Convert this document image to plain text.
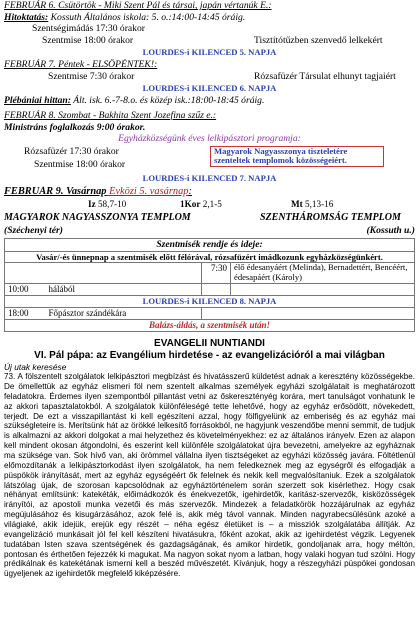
FEBRUÁR 6. Csütörtök - Miki Szent Pál és társai, japán vértanúk E.:
Hitoktatás: Kossuth Általános iskola: 5. o.:14:00-14:45 óráig.
Szentségimádás 17:30 órakor
Szentmise 18:00 órakor	Tisztítótűzben szenvedő lelkekért
LOURDES-i KILENCED 5. NAPJA
FEBRUÁR 7. Péntek - ELSŐPÉNTEK!:
Szentmise 7:30 órakor	Rózsafüzér Társulat elhunyt tagjaiért
LOURDES-i KILENCED 6. NAPJA
Plébániai hittan: Ált. isk. 6.-7-8.o. és közép isk.:18:00-18:45 óráig.
FEBRUÁR 8. Szombat - Bakhita Szent Jozefina szűz e.:
Ministráns foglalkozás 9:00 órakor.
Egyházközségünk éves lelkipásztori programja:
Rózsafüzér 17:30 órakor
Szentmise 18:00 órakor
Magyarok Nagyasszonya tiszteletére
szenteltek templomok közösségeiért.
LOURDES-i KILENCED 7. NAPJA
FEBRUÁR 9. Vasárnap Évközi 5. vasárnap:
Iz 58,7-10	1Kor 2,1-5	Mt 5,13-16
MAGYAROK NAGYASSZONYA TEMPLOM	SZENTHÁROMSÁG TEMPLOM
(Széchenyi tér)	(Kossuth u.)
Szentmisék rendje és ideje:		
Vasár/-és ünnepnap a szentmisék előtt félórával, rózsafüzért imádkozunk egyházközségünkért.		
	7:30	élő édesanyáért (Melinda), Bernadettért, Bencéért, édesapáért (Károly)
10:00 hálából		
LOURDES-i KILENCED 8. NAPJA		
18:00 Főpásztor szándékára		
Balázs-áldás, a szentmisék után!		
EVANGELII NUNTIANDI
VI. Pál pápa: az Evangélium hirdetése - az evangelizációról a mai világban
Új utak keresése
73. A fölszentelt szolgálatok lelkipásztori megbízást és hivatásszerű küldetést adnak a keresztény közösségekbe. De ömellettük az egyház elismeri föl nem szentelt alkalmas személyek egyházi szolgálatait is meghatározott feladatokra. Érdemes ilyen szempontból pillantást vetni az őskeresztényég korára, mert tanulságot vonhatunk le az akkori tapasztalatokból. A szolgálatok különféleségé tette lehetővé, hogy az egyház erősödött, növekedett, terjedt. De ezt a visszapillantást ki kell egészíteni azzal, hogy fölfigyelünk az emberiség és az egyház mai szükségleteire is. Merítsünk hát az örökké lelkesítő forrásokból, ne hagyjunk veszendőbe menni semmit, de tudjuk is alkalmazni az akkori dolgokat a mai helyzethez és követelményekhez: ez az általános irányelv. Ezen az alapon kell mindent okosan átgondolni, és eszerint kell különféle szolgálatokat újra bevezetni, amelyekre az egyháznak ma szüksége van. Sok hívő van, aki örömmel vállalna ilyen tisztségeket az egyházi közösség javára. Föltétlenül előmozdítanák a lelkipásztorkodást ilyen szolgálatok, ha nem feledkeznek meg az egységről és elfogadják a püspökök irányítását, mert az egyház egységéért ők felelnek és nekik kell megvalósítaniuk. Ezek a szolgálatok látszólag újak, de szorosan kapcsolódnak az egyháztörténelem során szerzett sok kisérlethez. Hogy csak néhányat említsünk: katekéták, előimádkozók és énekvezetők, igehirdetők, karitász-szervezők, kisközösségek irányítói, az apostoli munka vezetői és más szervezők. Mindezek a feladatkörök hozzájárulnak az egyház megújulásához és kisugárzásához, azok felé is, akik még távol vannak. Minden nagyrabecsülésünk azoké a világiaké, akik idejük, erejük egy részét – néha egész életüket is – a missziók szolgálatába állítják. Az evangelizáció munkásait jól fel kell készíteni hivatásukra, főként azokat, akik az igehirdetést végzik. Legyenek tudatában Isten szava szentségének és gazdagságának, és amikor hirdetik, gondoljanak arra, hogy méltón, pontosan és érthetően fejezzék ki magukat. Ma nagyon sokat nyom a latban, hogy valaki hogyan tud szólni. Hogy prédikálnak és katekétának ismerni kell a beszéd művészetét. Kívánjuk, hogy a részegyházi püspökei gondosan ügyeljenek az igehirdetők megfelelő kiképzésére.
